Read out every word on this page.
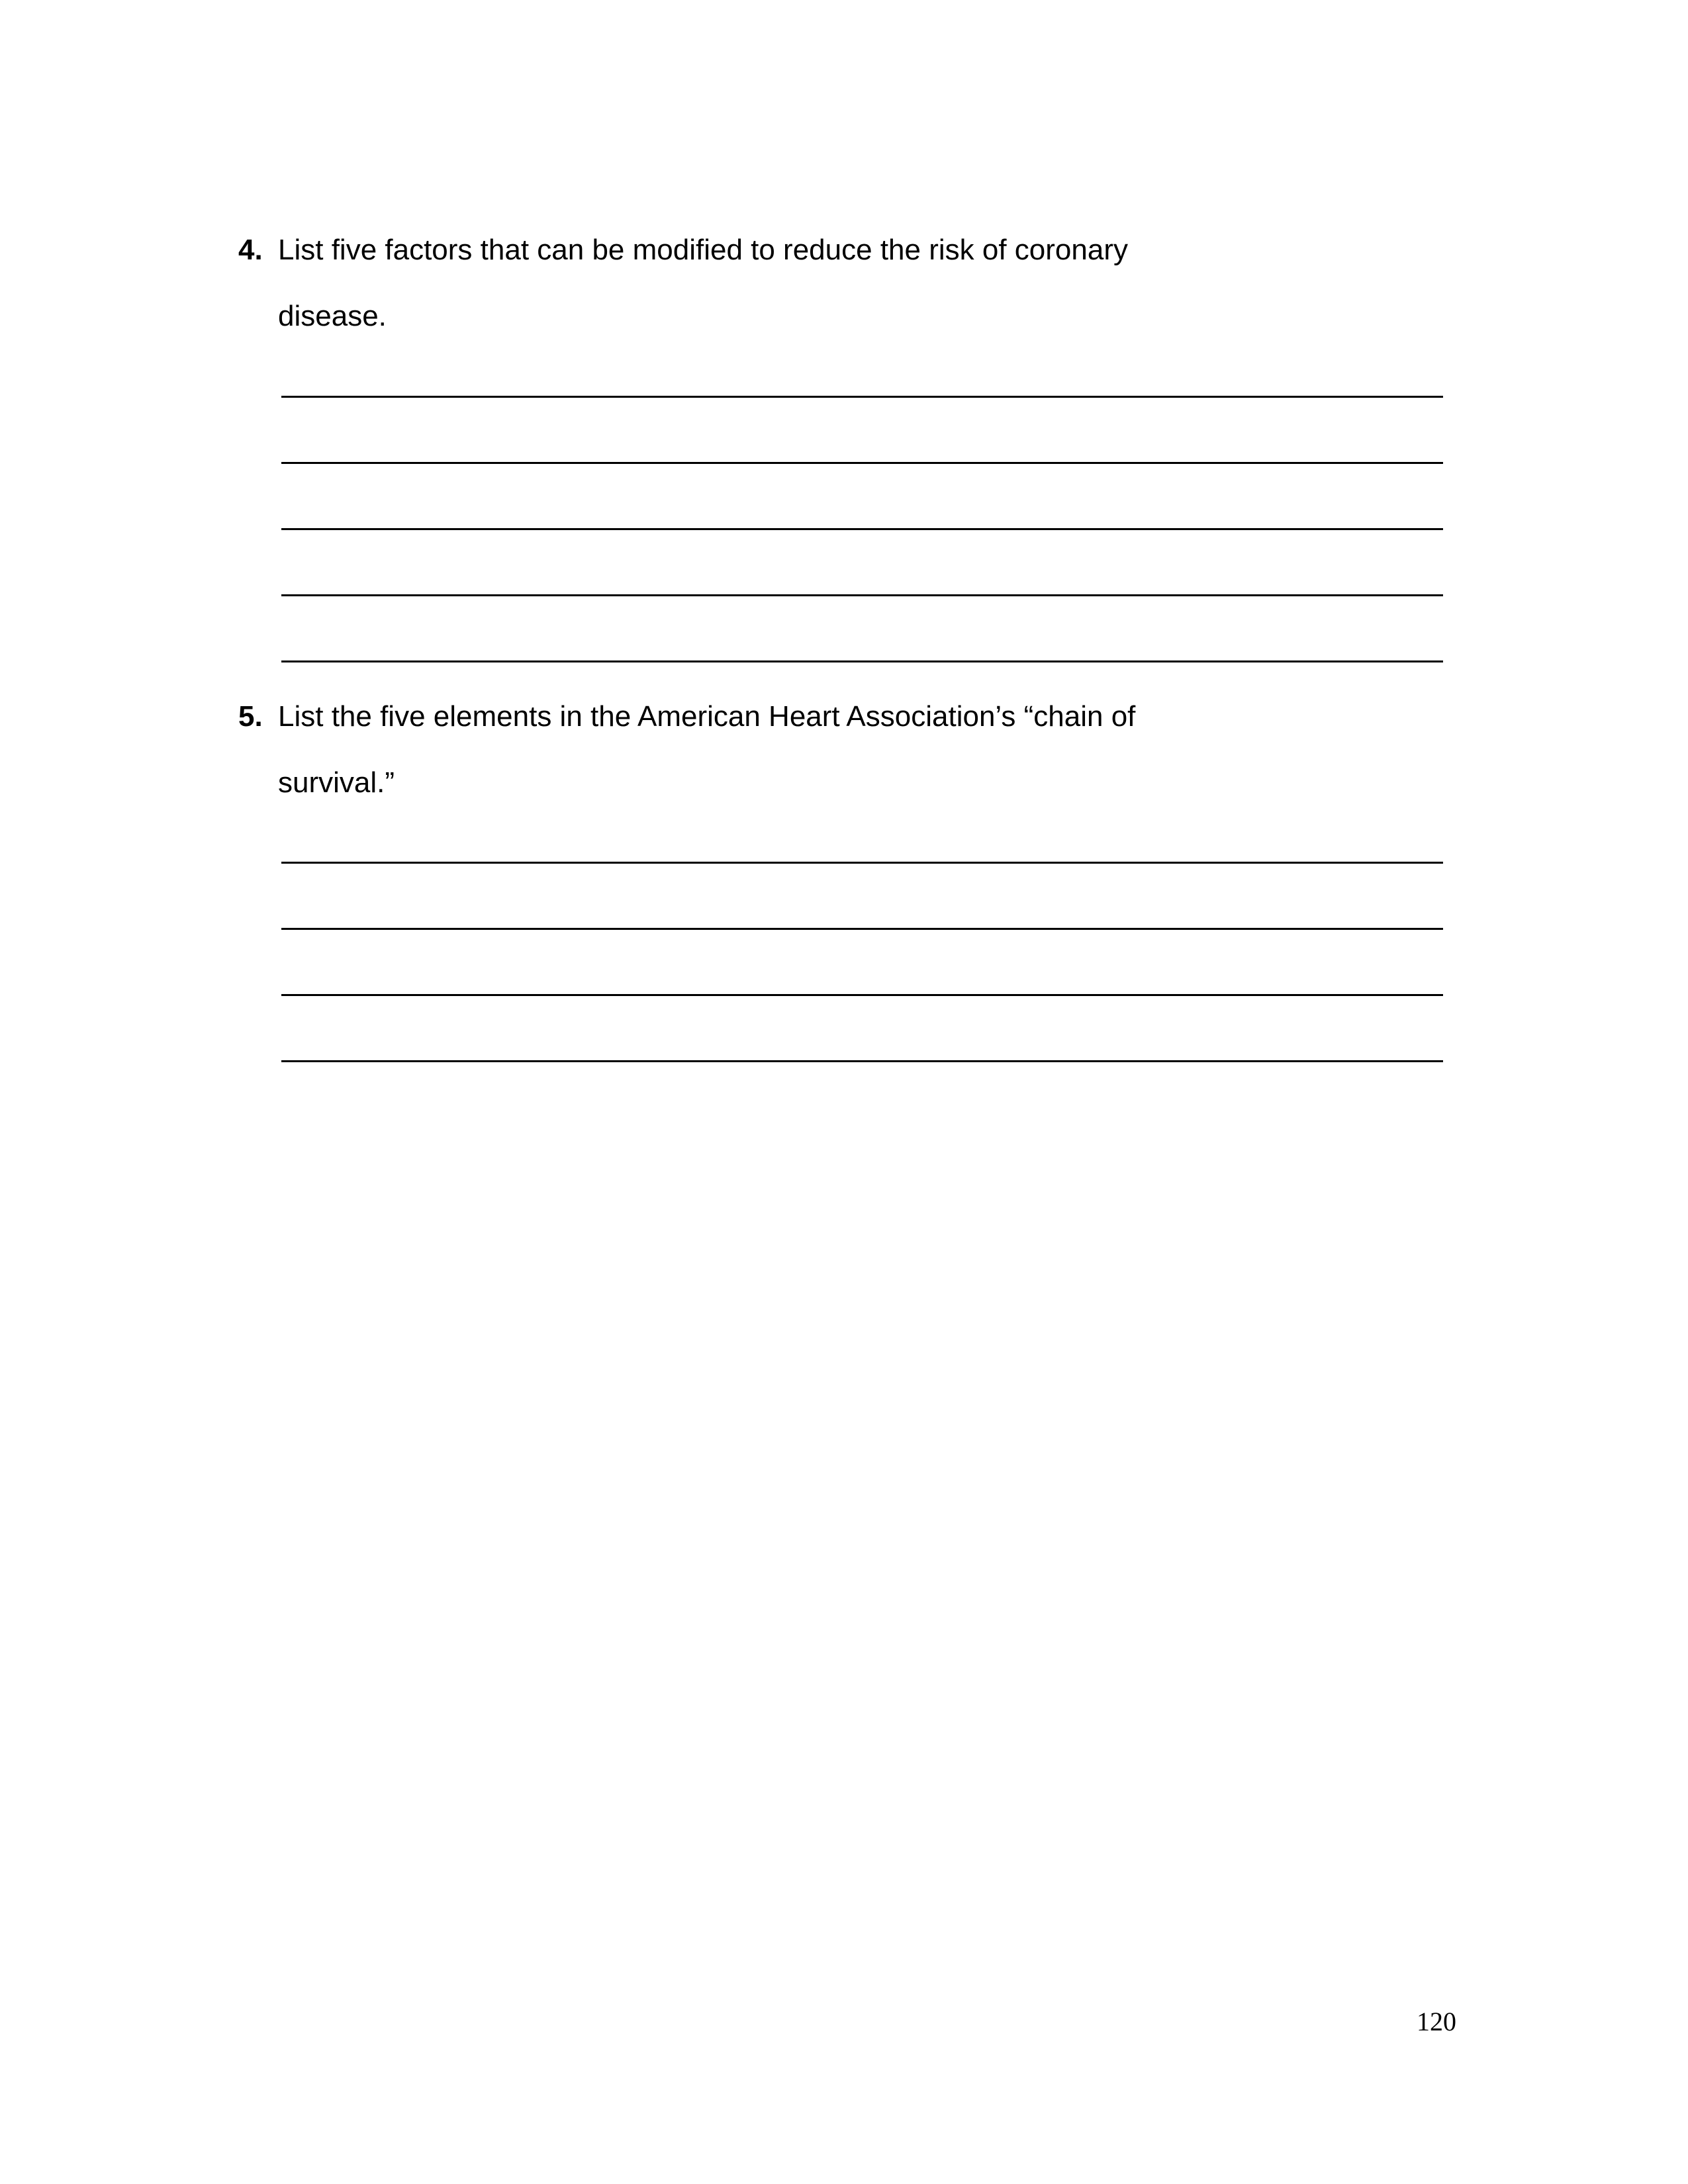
4. List five factors that can be modified to reduce the risk of coronary
disease.
5. List the five elements in the American Heart Association’s “chain of
survival.”
120
